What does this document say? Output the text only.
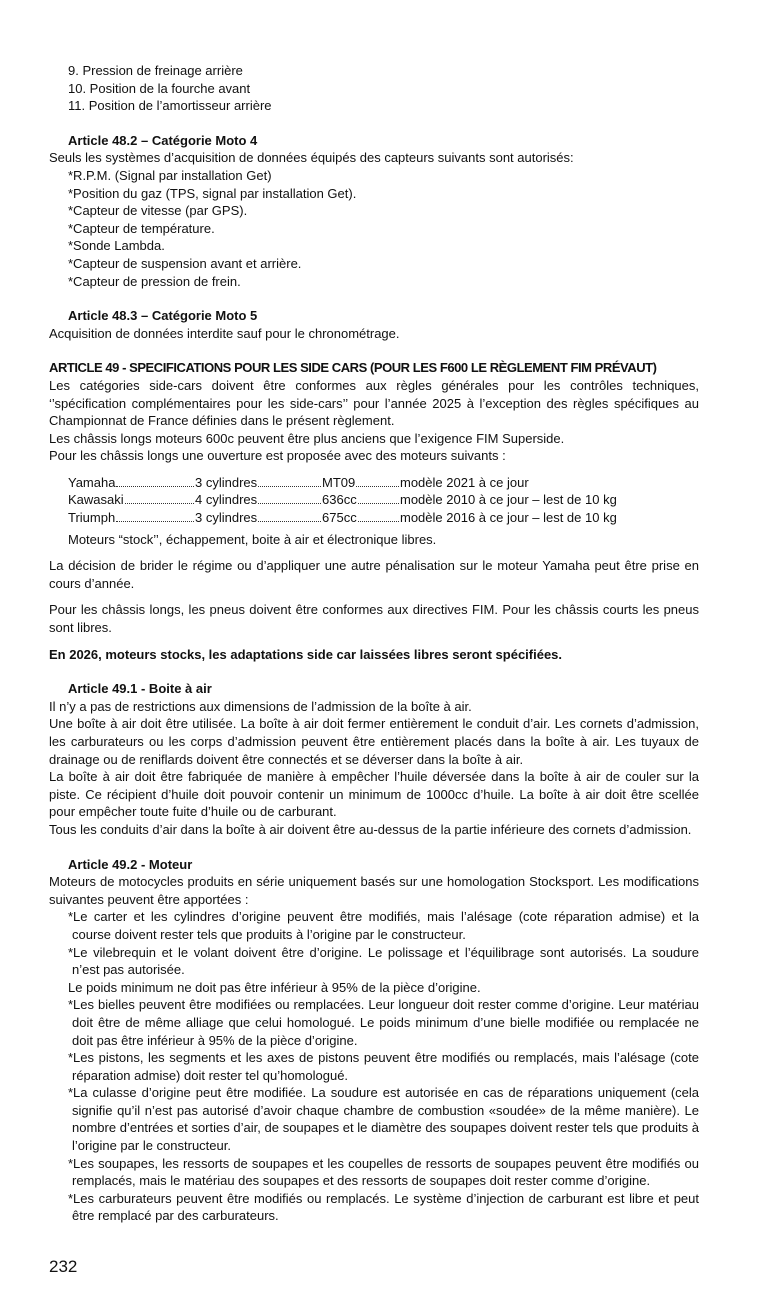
9. Pression de freinage arrière

10. Position de la fourche avant

11. Position de l’amortisseur arrière

Article 48.2 – Catégorie Moto 4

Seuls les systèmes d’acquisition de données équipés des capteurs suivants sont autorisés:

*R.P.M. (Signal par installation Get)

*Position du gaz (TPS, signal par installation Get).

*Capteur de vitesse (par GPS).

*Capteur de température.

*Sonde Lambda.

*Capteur de suspension avant et arrière.

*Capteur de pression de frein.

Article 48.3 – Catégorie Moto 5

Acquisition de données interdite sauf pour le chronométrage.

ARTICLE 49 - SPECIFICATIONS POUR LES SIDE CARS (POUR LES F600 LE RÈGLEMENT FIM PRÉVAUT)

Les catégories side-cars doivent être conformes aux règles générales pour les contrôles techniques, ‘’spécification complémentaires pour les side-cars’’ pour l’année 2025 à l’exception des règles spécifiques au Championnat de France définies dans le présent règlement.

Les châssis longs moteurs 600c peuvent être plus anciens que l’exigence FIM Superside.

Pour les châssis longs une ouverture est proposée avec des moteurs suivants :

Yamaha	3 cylindres	MT09	modèle 2021 à ce jour
Kawasaki	4 cylindres	636cc	modèle 2010 à ce jour – lest de 10 kg
Triumph	3 cylindres	675cc	modèle 2016 à ce jour – lest de 10 kg

Moteurs “stock’’, échappement, boite à air et électronique libres.

La décision de brider le régime ou d’appliquer une autre pénalisation sur le moteur Yamaha peut être prise en cours d’année.

Pour les châssis longs, les pneus doivent être conformes aux directives FIM. Pour les châssis courts les pneus sont libres.

En 2026, moteurs stocks, les adaptations side car laissées libres seront spécifiées.

Article 49.1 - Boite à air

Il n’y a pas de restrictions aux dimensions de l’admission de la boîte à air.

Une boîte à air doit être utilisée. La boîte à air doit fermer entièrement le conduit d’air. Les cornets d’admission, les carburateurs ou les corps d’admission peuvent être entièrement placés dans la boîte à air. Les tuyaux de drainage ou de reniflards doivent être connectés et se déverser dans la boîte à air.

La boîte à air doit être fabriquée de manière à empêcher l’huile déversée dans la boîte à air de couler sur la piste. Ce récipient d’huile doit pouvoir contenir un minimum de 1000cc d’huile. La boîte à air doit être scellée pour empêcher toute fuite d’huile ou de carburant.

Tous les conduits d’air dans la boîte à air doivent être au-dessus de la partie inférieure des cornets d’admission.

Article 49.2 - Moteur

Moteurs de motocycles produits en série uniquement basés sur une homologation Stocksport. Les modifications suivantes peuvent être apportées :

*Le carter et les cylindres d’origine peuvent être modifiés, mais l’alésage (cote réparation admise) et la course doivent rester tels que produits à l’origine par le constructeur.

*Le vilebrequin et le volant doivent être d’origine. Le polissage et l’équilibrage sont autorisés. La soudure n’est pas autorisée.

Le poids minimum ne doit pas être inférieur à 95% de la pièce d’origine.

*Les bielles peuvent être modifiées ou remplacées. Leur longueur doit rester comme d’origine. Leur matériau doit être de même alliage que celui homologué. Le poids minimum d’une bielle modifiée ou remplacée ne doit pas être inférieur à 95% de la pièce d’origine.

*Les pistons, les segments et les axes de pistons peuvent être modifiés ou remplacés, mais l’alésage (cote réparation admise) doit rester tel qu’homologué.

*La culasse d’origine peut être modifiée. La soudure est autorisée en cas de réparations uniquement (cela signifie qu’il n’est pas autorisé d’avoir chaque chambre de combustion «soudée» de la même manière). Le nombre d’entrées et sorties d’air, de soupapes et le diamètre des soupapes doivent rester tels que produits à l’origine par le constructeur.

*Les soupapes, les ressorts de soupapes et les coupelles de ressorts de soupapes peuvent être modifiés ou remplacés, mais le matériau des soupapes et des ressorts de soupapes doit rester comme d’origine.

*Les carburateurs peuvent être modifiés ou remplacés. Le système d’injection de carburant est libre et peut être remplacé par des carburateurs.

232
